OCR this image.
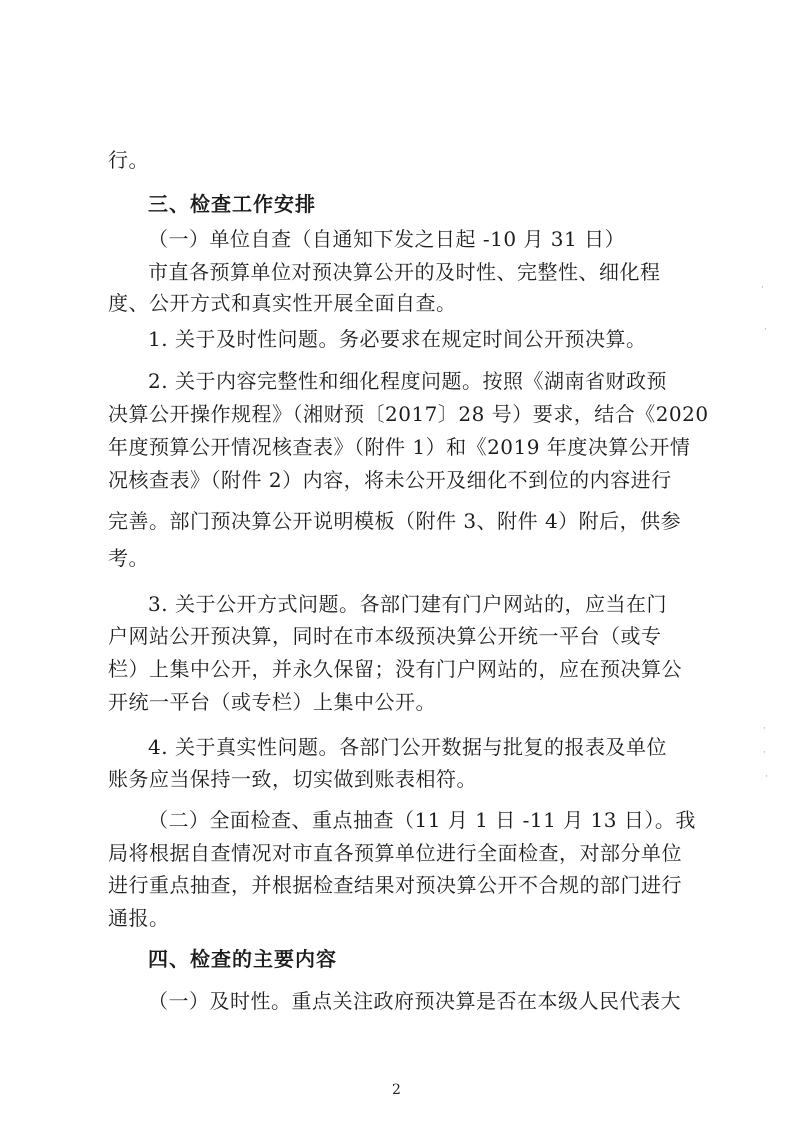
行。
三、检查工作安排
（一）单位自查（自通知下发之日起 -10 月 31 日）
市直各预算单位对预决算公开的及时性、完整性、细化程
度、公开方式和真实性开展全面自查。
1. 关于及时性问题。务必要求在规定时间公开预决算。
2. 关于内容完整性和细化程度问题。按照《湖南省财政预
决算公开操作规程》（湘财预〔2017〕28 号）要求，结合《2020
年度预算公开情况核查表》（附件 1）和《2019 年度决算公开情
况核查表》（附件 2）内容，将未公开及细化不到位的内容进行
完善。部门预决算公开说明模板（附件 3、附件 4）附后，供参
考。
3. 关于公开方式问题。各部门建有门户网站的，应当在门
户网站公开预决算，同时在市本级预决算公开统一平台（或专
栏）上集中公开，并永久保留；没有门户网站的，应在预决算公
开统一平台（或专栏）上集中公开。
4. 关于真实性问题。各部门公开数据与批复的报表及单位
账务应当保持一致，切实做到账表相符。
（二）全面检查、重点抽查（11 月 1 日 -11 月 13 日）。我
局将根据自查情况对市直各预算单位进行全面检查，对部分单位
进行重点抽查，并根据检查结果对预决算公开不合规的部门进行
通报。
四、检查的主要内容
（一）及时性。重点关注政府预决算是否在本级人民代表大
2
·
·
·
·
·
